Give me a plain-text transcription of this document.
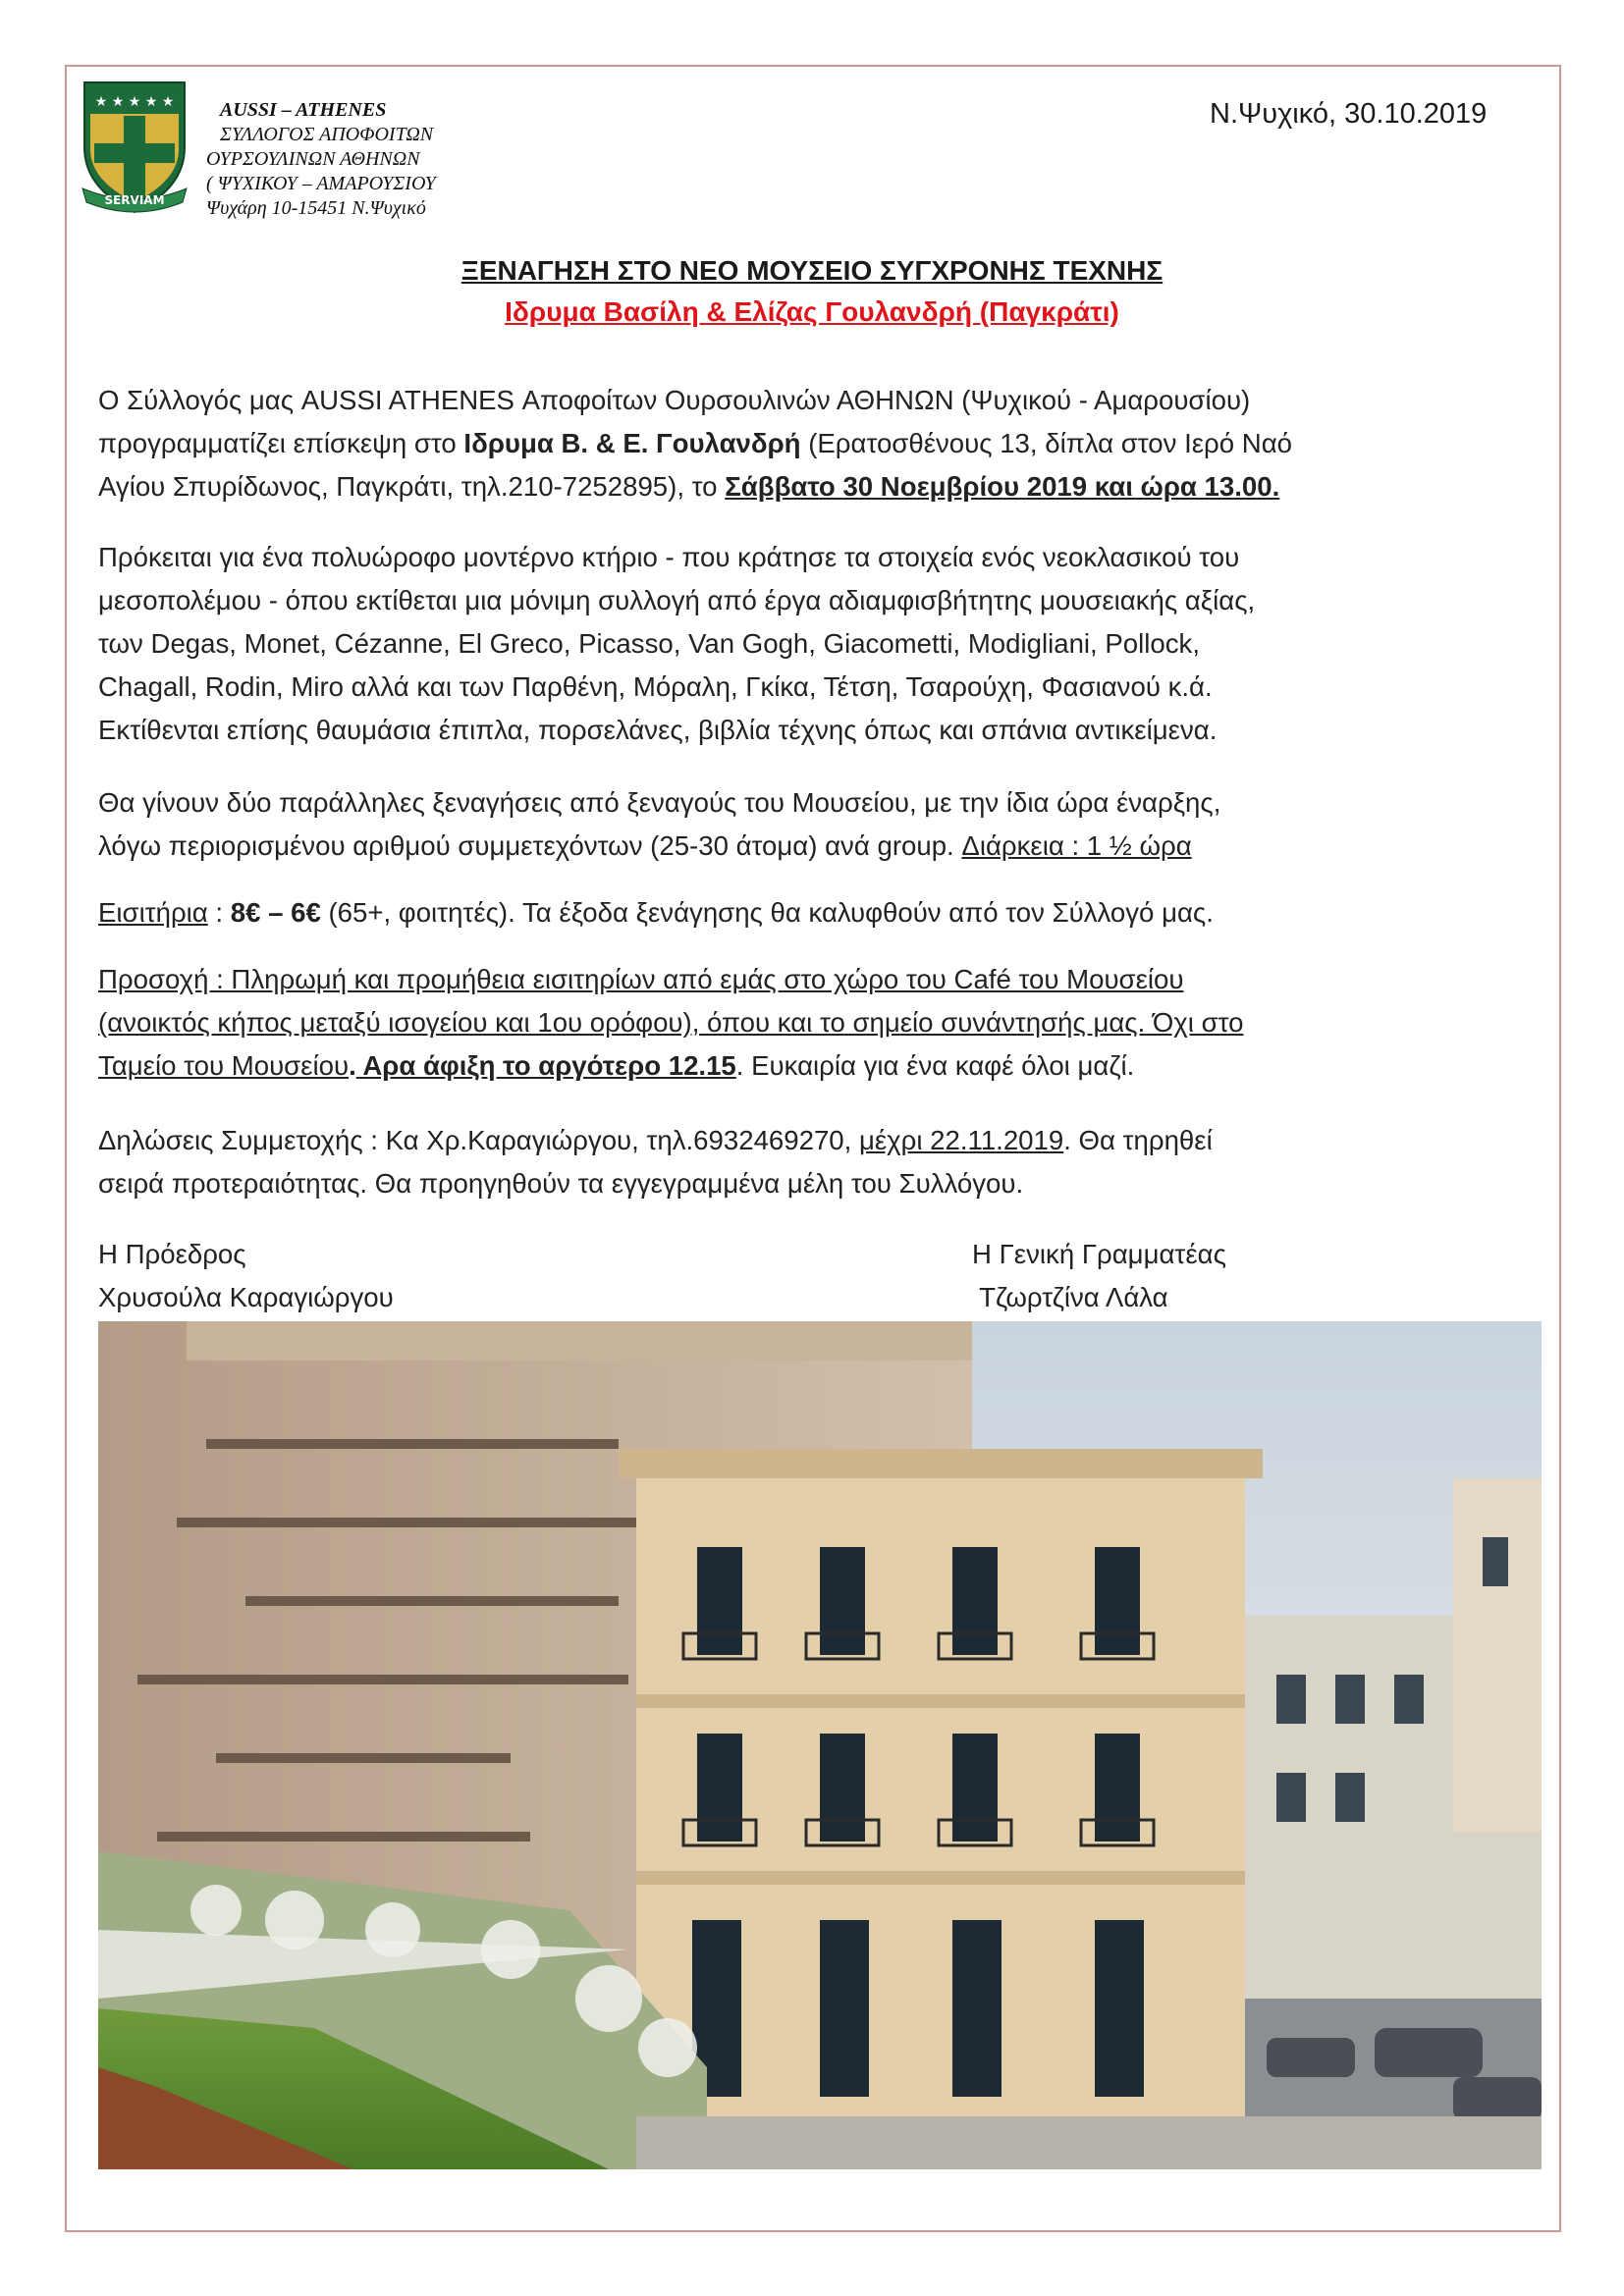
★ ★ ★ ★ ★
SERVIAM
AUSSI – ATHENES
ΣΥΛΛΟΓΟΣ ΑΠΟΦΟΙΤΩΝ
ΟΥΡΣΟΥΛΙΝΩΝ ΑΘΗΝΩΝ
( ΨΥΧΙΚΟΥ – ΑΜΑΡΟΥΣΙΟΥ
Ψυχάρη 10-15451 Ν.Ψυχικό
Ν.Ψυχικό, 30.10.2019
ΞΕΝΑΓΗΣΗ ΣΤΟ ΝΕΟ ΜΟΥΣΕΙΟ ΣΥΓΧΡΟΝΗΣ ΤΕΧΝΗΣ
Ιδρυμα Βασίλη & Ελίζας Γουλανδρή (Παγκράτι)
Ο Σύλλογός μας AUSSI ATHENES Αποφοίτων Ουρσουλινών ΑΘΗΝΩΝ (Ψυχικού - Αμαρουσίου)
προγραμματίζει επίσκεψη στο Ιδρυμα Β. & Ε. Γουλανδρή (Ερατοσθένους 13, δίπλα στον Ιερό Ναό
Αγίου Σπυρίδωνος, Παγκράτι, τηλ.210-7252895), το Σάββατο 30 Νοεμβρίου 2019 και ώρα 13.00.
Πρόκειται για ένα πολυώροφο μοντέρνο κτήριο - που κράτησε τα στοιχεία ενός νεοκλασικού του
μεσοπολέμου - όπου εκτίθεται μια μόνιμη συλλογή από έργα αδιαμφισβήτητης μουσειακής αξίας,
των Degas, Monet, Cézanne, El Greco, Picasso, Van Gogh, Giacometti, Modigliani, Pollock,
Chagall, Rodin, Miro αλλά και των Παρθένη, Μόραλη, Γκίκα, Τέτση, Τσαρούχη, Φασιανού κ.ά.
Εκτίθενται επίσης θαυμάσια έπιπλα, πορσελάνες, βιβλία τέχνης όπως και σπάνια αντικείμενα.
Θα γίνουν δύο παράλληλες ξεναγήσεις από ξεναγούς του Μουσείου, με την ίδια ώρα έναρξης,
λόγω περιορισμένου αριθμού συμμετεχόντων (25-30 άτομα) ανά group. Διάρκεια : 1 ½ ώρα
Εισιτήρια : 8€ – 6€ (65+, φοιτητές). Τα έξοδα ξενάγησης θα καλυφθούν από τον Σύλλογό μας.
Προσοχή : Πληρωμή και προμήθεια εισιτηρίων από εμάς στο χώρο του Café του Μουσείου
(ανοικτός κήπος μεταξύ ισογείου και 1ου ορόφου), όπου και το σημείο συνάντησής μας. Όχι στο
Ταμείο του Μουσείου. Αρα άφιξη το αργότερο 12.15. Ευκαιρία για ένα καφέ όλοι μαζί.
Δηλώσεις Συμμετοχής : Κα Χρ.Καραγιώργου, τηλ.6932469270, μέχρι 22.11.2019. Θα τηρηθεί
σειρά προτεραιότητας. Θα προηγηθούν τα εγγεγραμμένα μέλη του Συλλόγου.
Η Πρόεδρος
Χρυσούλα Καραγιώργου
Η Γενική Γραμματέας
Τζωρτζίνα Λάλα
